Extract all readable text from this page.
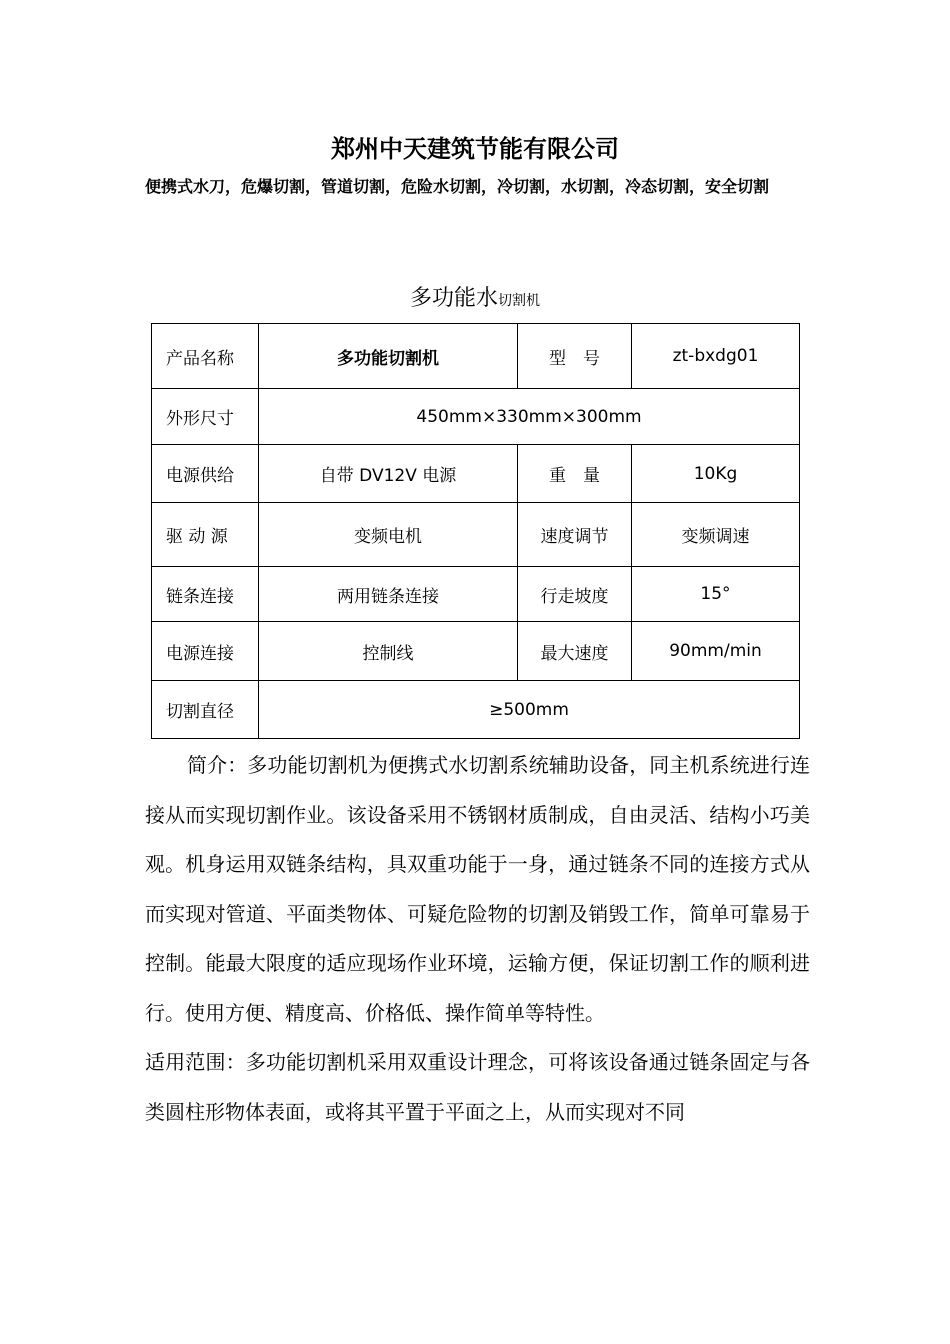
郑州中天建筑节能有限公司
便携式水刀，危爆切割，管道切割，危险水切割，冷切割，水切割，冷态切割，安全切割
多功能水切割机
产品名称	多功能切割机	型　号	zt-bxdg01
外形尺寸	450mm×330mm×300mm		
电源供给	自带 DV12V 电源	重　量	10Kg
驱 动 源	变频电机	速度调节	变频调速
链条连接	两用链条连接	行走坡度	15°
电源连接	控制线	最大速度	90mm/min
切割直径	≥500mm		

简介：多功能切割机为便携式水切割系统辅助设备，同主机系统进行连接从而实现切割作业。该设备采用不锈钢材质制成，自由灵活、结构小巧美观。机身运用双链条结构，具双重功能于一身，通过链条不同的连接方式从而实现对管道、平面类物体、可疑危险物的切割及销毁工作，简单可靠易于控制。能最大限度的适应现场作业环境，运输方便，保证切割工作的顺利进行。使用方便、精度高、价格低、操作简单等特性。

适用范围：多功能切割机采用双重设计理念，可将该设备通过链条固定与各类圆柱形物体表面，或将其平置于平面之上，从而实现对不同
